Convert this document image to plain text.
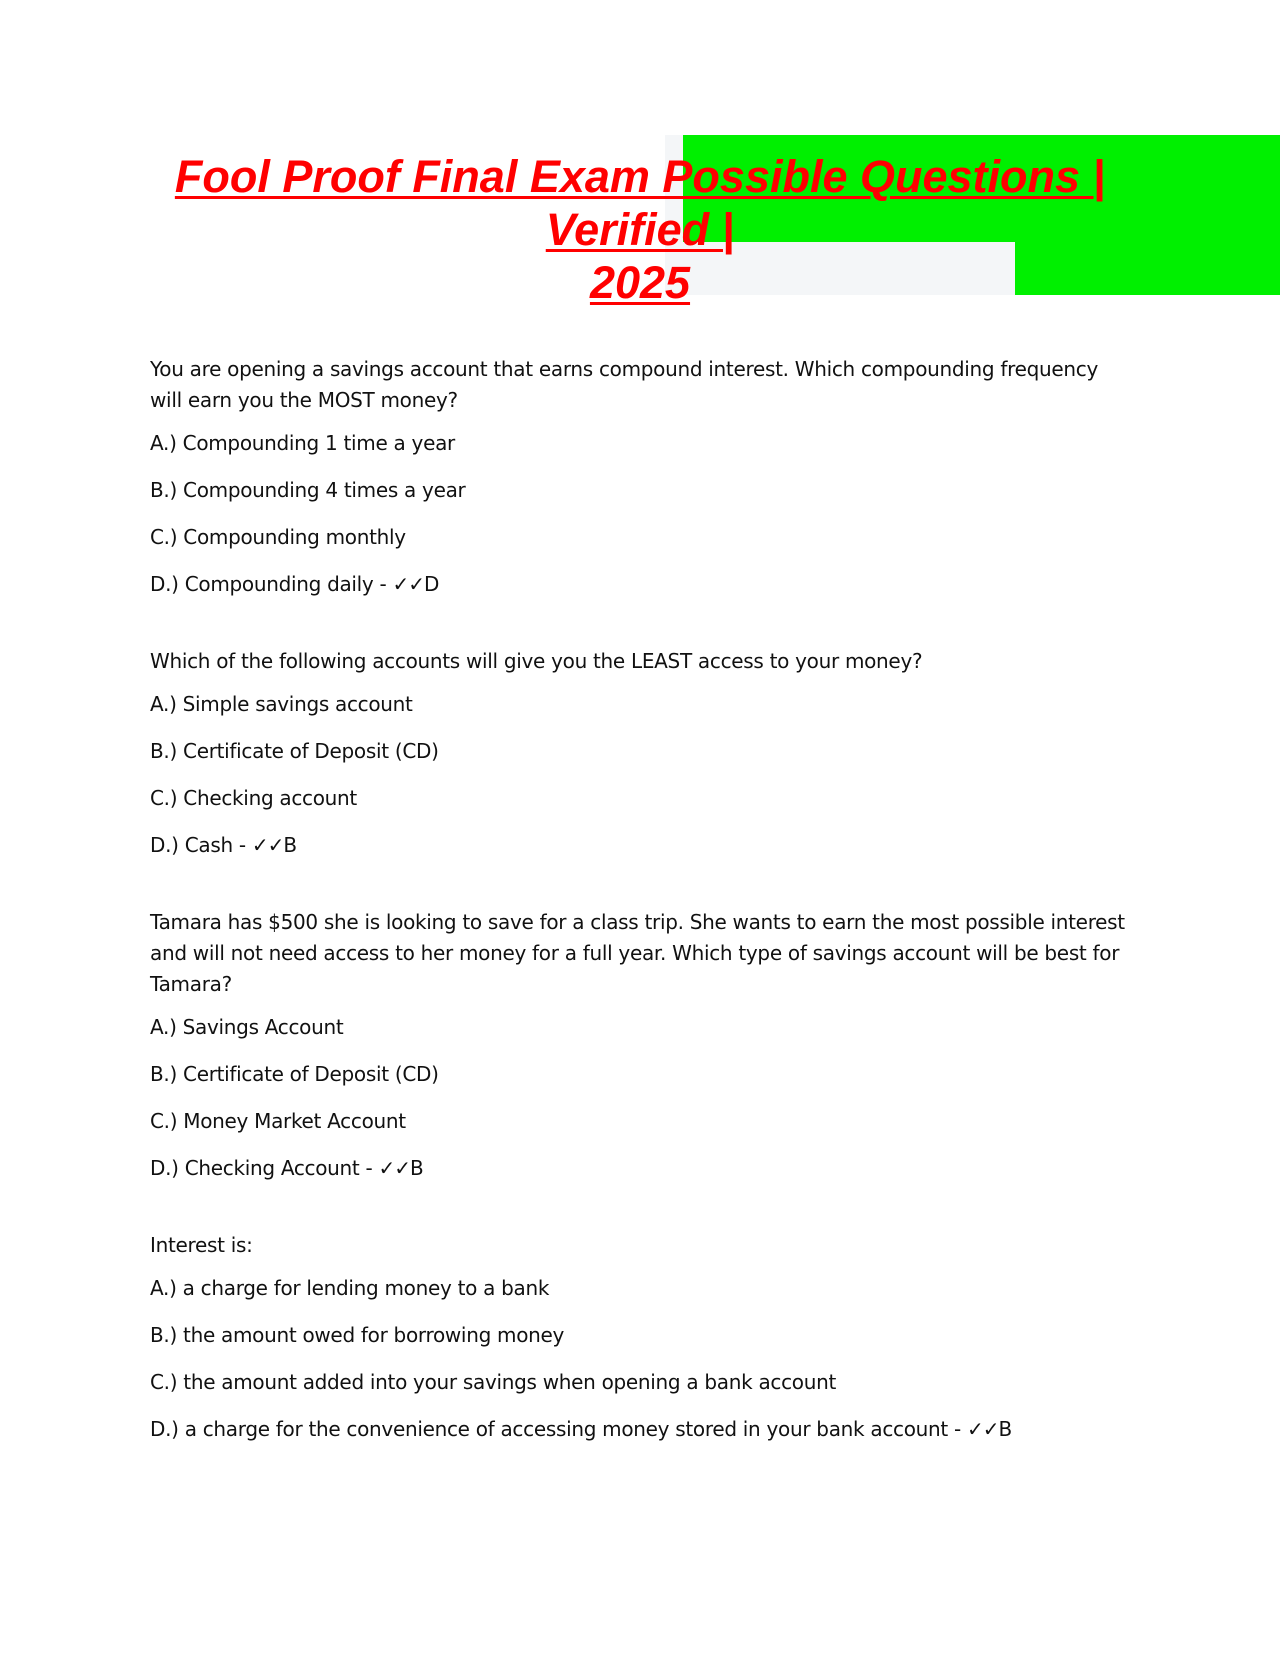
Fool Proof Final Exam Possible Questions |
Verified |
2025

You are opening a savings account that earns compound interest. Which compounding frequency will earn you the MOST money?

A.) Compounding 1 time a year

B.) Compounding 4 times a year

C.) Compounding monthly

D.) Compounding daily - ✓✓D

Which of the following accounts will give you the LEAST access to your money?

A.) Simple savings account

B.) Certificate of Deposit (CD)

C.) Checking account

D.) Cash - ✓✓B

Tamara has $500 she is looking to save for a class trip. She wants to earn the most possible interest and will not need access to her money for a full year. Which type of savings account will be best for Tamara?

A.) Savings Account

B.) Certificate of Deposit (CD)

C.) Money Market Account

D.) Checking Account - ✓✓B

Interest is:

A.) a charge for lending money to a bank

B.) the amount owed for borrowing money

C.) the amount added into your savings when opening a bank account

D.) a charge for the convenience of accessing money stored in your bank account - ✓✓B
